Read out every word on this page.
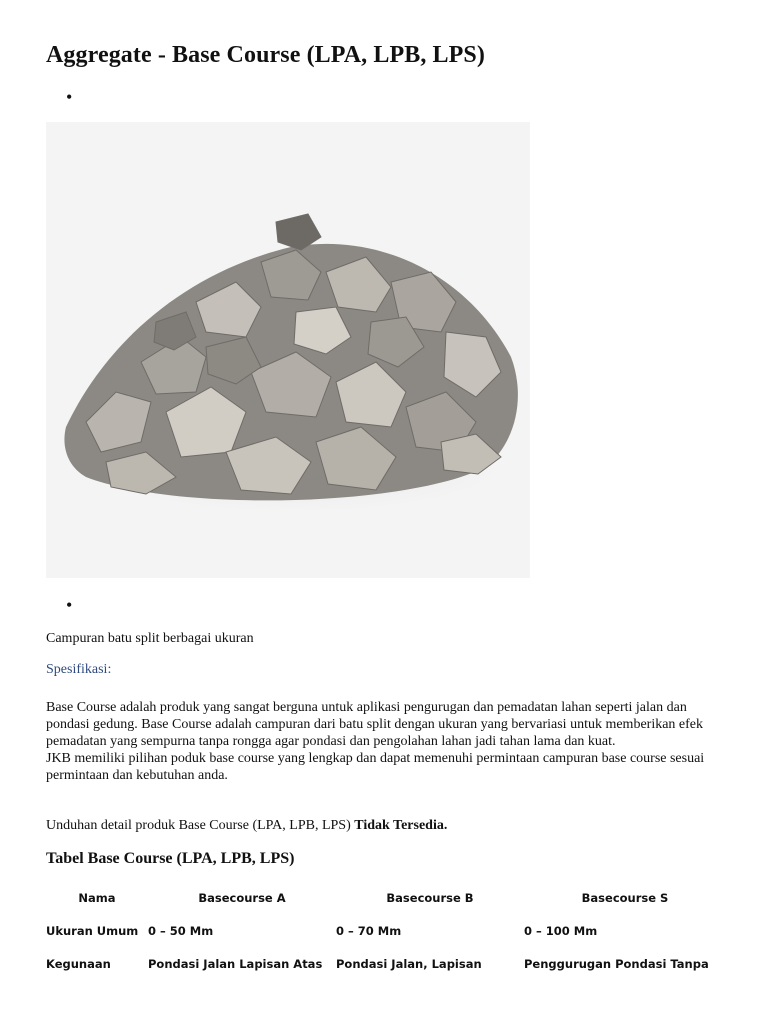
Aggregate - Base Course (LPA, LPB, LPS)
•
•
Campuran batu split berbagai ukuran
Spesifikasi:
Base Course adalah produk yang sangat berguna untuk aplikasi pengurugan dan pemadatan lahan seperti jalan dan pondasi gedung. Base Course adalah campuran dari batu split dengan ukuran yang bervariasi untuk memberikan efek pemadatan yang sempurna tanpa rongga agar pondasi dan pengolahan lahan jadi tahan lama dan kuat.
JKB memiliki pilihan poduk base course yang lengkap dan dapat memenuhi permintaan campuran base course sesuai permintaan dan kebutuhan anda.
Unduhan detail produk Base Course (LPA, LPB, LPS) Tidak Tersedia.
Tabel Base Course (LPA, LPB, LPS)
Nama	Basecourse A	Basecourse B	Basecourse S
Ukuran Umum	0 – 50 Mm	0 – 70 Mm	0 – 100 Mm
Kegunaan	Pondasi Jalan Lapisan Atas	Pondasi Jalan, Lapisan	Penggurugan Pondasi Tanpa
